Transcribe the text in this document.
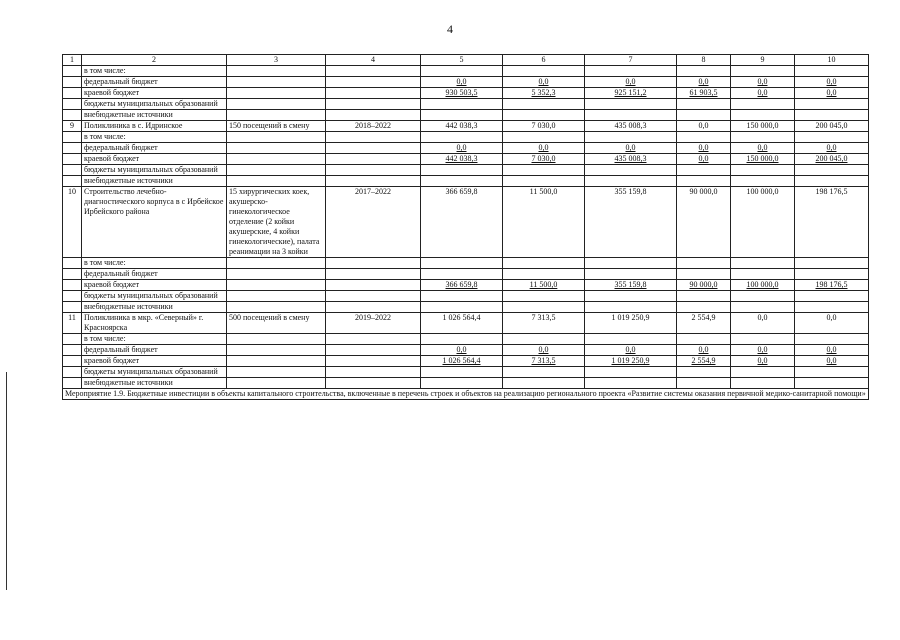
4
1	2	3	4	5	6	7	8	9	10
	в том числе:								
	федеральный бюджет			0,0	0,0	0,0	0,0	0,0	0,0
	краевой бюджет			930 503,5	5 352,3	925 151,2	61 903,5	0,0	0,0
	бюджеты муниципальных образований								
	внебюджетные источники								
9	Поликлиника в с. Идринское	150 посещений в смену	2018–2022	442 038,3	7 030,0	435 008,3	0,0	150 000,0	200 045,0
	в том числе:								
	федеральный бюджет			0,0	0,0	0,0	0,0	0,0	0,0
	краевой бюджет			442 038,3	7 030,0	435 008,3	0,0	150 000,0	200 045,0
	бюджеты муниципальных образований								
	внебюджетные источники								
10	Строительство лечебно-диагностического корпуса в с Ирбейское Ирбейского района	15 хирургических коек, акушерско-гинекологическое отделение (2 койки акушерские, 4 койки гинекологические), палата реанимации на 3 койки	2017–2022	366 659,8	11 500,0	355 159,8	90 000,0	100 000,0	198 176,5
	в том числе:								
	федеральный бюджет								
	краевой бюджет			366 659,8	11 500,0	355 159,8	90 000,0	100 000,0	198 176,5
	бюджеты муниципальных образований								
	внебюджетные источники								
11	Поликлиника в мкр. «Северный» г. Красноярска	500 посещений в смену	2019–2022	1 026 564,4	7 313,5	1 019 250,9	2 554,9	0,0	0,0
	в том числе:								
	федеральный бюджет			0,0	0,0	0,0	0,0	0,0	0,0
	краевой бюджет			1 026 564,4	7 313,5	1 019 250,9	2 554,9	0,0	0,0
	бюджеты муниципальных образований								
	внебюджетные источники								
Мероприятие 1.9. Бюджетные инвестиции в объекты капитального строительства, включенные в перечень строек и объектов на реализацию регионального проекта «Развитие системы оказания первичной медико-санитарной помощи»									
